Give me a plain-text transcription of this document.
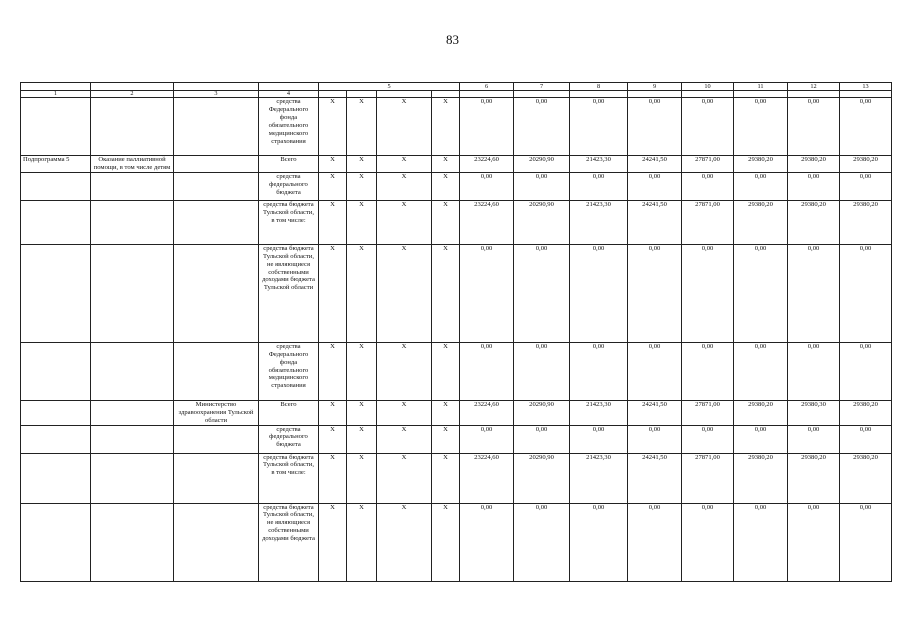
83
				5				6	7	8	9	10	11	12	13
1	2	3	4												
			средства Федерального фонда обязательного медицинского страхования	X	X	X	X	0,00	0,00	0,00	0,00	0,00	0,00	0,00	0,00
Подпрограмма 5	Оказание паллиативной помощи, в том числе детям		Всего	X	X	X	X	23224,60	20290,90	21423,30	24241,50	27871,00	29380,20	29380,20	29380,20
			средства федерального бюджета	X	X	X	X	0,00	0,00	0,00	0,00	0,00	0,00	0,00	0,00
			средства бюджета Тульской области, в том числе:	X	X	X	X	23224,60	20290,90	21423,30	24241,50	27871,00	29380,20	29380,20	29380,20
			средства бюджета Тульской области, не являющиеся собственными доходами бюджета Тульской области	X	X	X	X	0,00	0,00	0,00	0,00	0,00	0,00	0,00	0,00
			средства Федерального фонда обязательного медицинского страхования	X	X	X	X	0,00	0,00	0,00	0,00	0,00	0,00	0,00	0,00
		Министерство здравоохранения Тульской области	Всего	X	X	X	X	23224,60	20290,90	21423,30	24241,50	27871,00	29380,20	29380,30	29380,20
			средства федерального бюджета	X	X	X	X	0,00	0,00	0,00	0,00	0,00	0,00	0,00	0,00
			средства бюджета Тульской области, в том числе:	X	X	X	X	23224,60	20290,90	21423,30	24241,50	27871,00	29380,20	29380,20	29380,20
			средства бюджета Тульской области, не являющиеся собственными доходами бюджета	X	X	X	X	0,00	0,00	0,00	0,00	0,00	0,00	0,00	0,00
